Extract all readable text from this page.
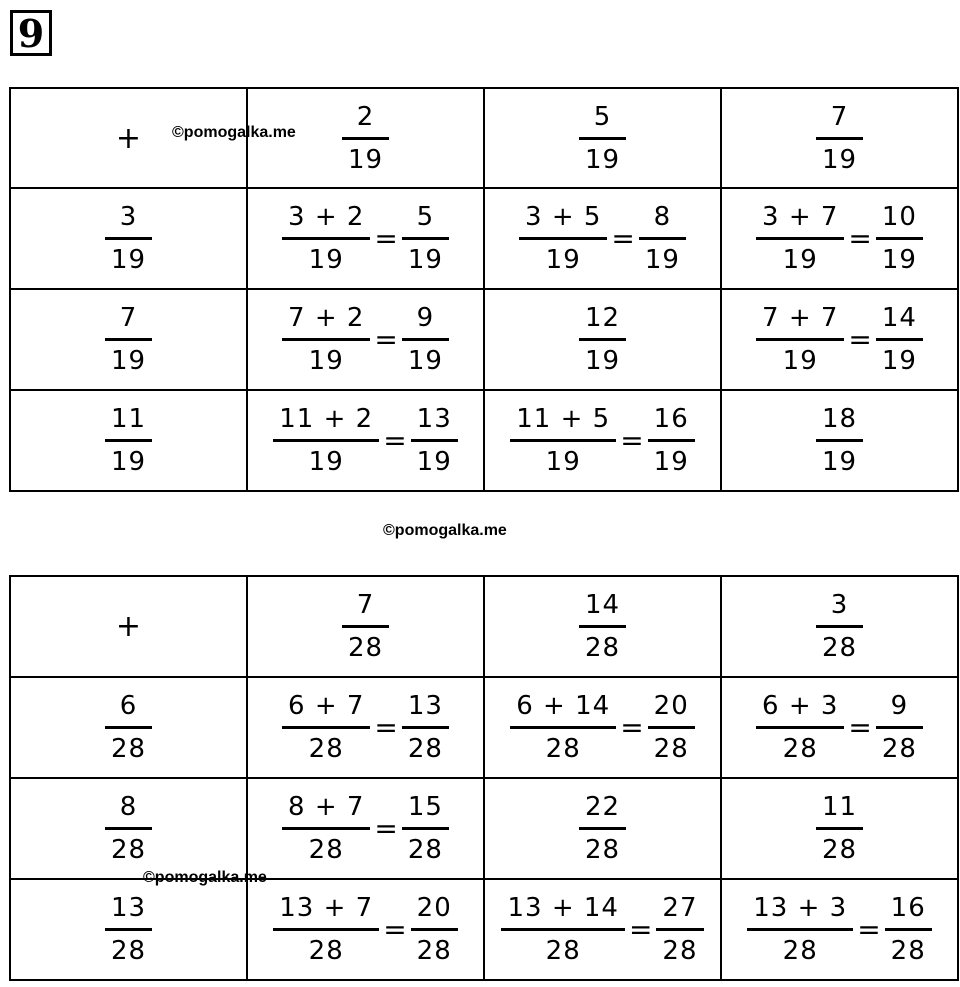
9
+	$\frac{2}{19}$	$\frac{5}{19}$	$\frac{7}{19}$

$\frac{3}{19}$	$\frac{3 + 2}{19} = \frac{5}{19}$	$\frac{3 + 5}{19} = \frac{8}{19}$	$\frac{3 + 7}{19} = \frac{10}{19}$

$\frac{7}{19}$	$\frac{7 + 2}{19} = \frac{9}{19}$	$\frac{12}{19}$	$\frac{7 + 7}{19} = \frac{14}{19}$

$\frac{11}{19}$	$\frac{11 + 2}{19} = \frac{13}{19}$	$\frac{11 + 5}{19} = \frac{16}{19}$	$\frac{18}{19}$
+	$\frac{7}{28}$	$\frac{14}{28}$	$\frac{3}{28}$

$\frac{6}{28}$	$\frac{6 + 7}{28} = \frac{13}{28}$	$\frac{6 + 14}{28} = \frac{20}{28}$	$\frac{6 + 3}{28} = \frac{9}{28}$

$\frac{8}{28}$	$\frac{8 + 7}{28} = \frac{15}{28}$	$\frac{22}{28}$	$\frac{11}{28}$

$\frac{13}{28}$	$\frac{13 + 7}{28} = \frac{20}{28}$	$\frac{13 + 14}{28} = \frac{27}{28}$	$\frac{13 + 3}{28} = \frac{16}{28}$
©pomogalka.me
©pomogalka.me
©pomogalka.me
